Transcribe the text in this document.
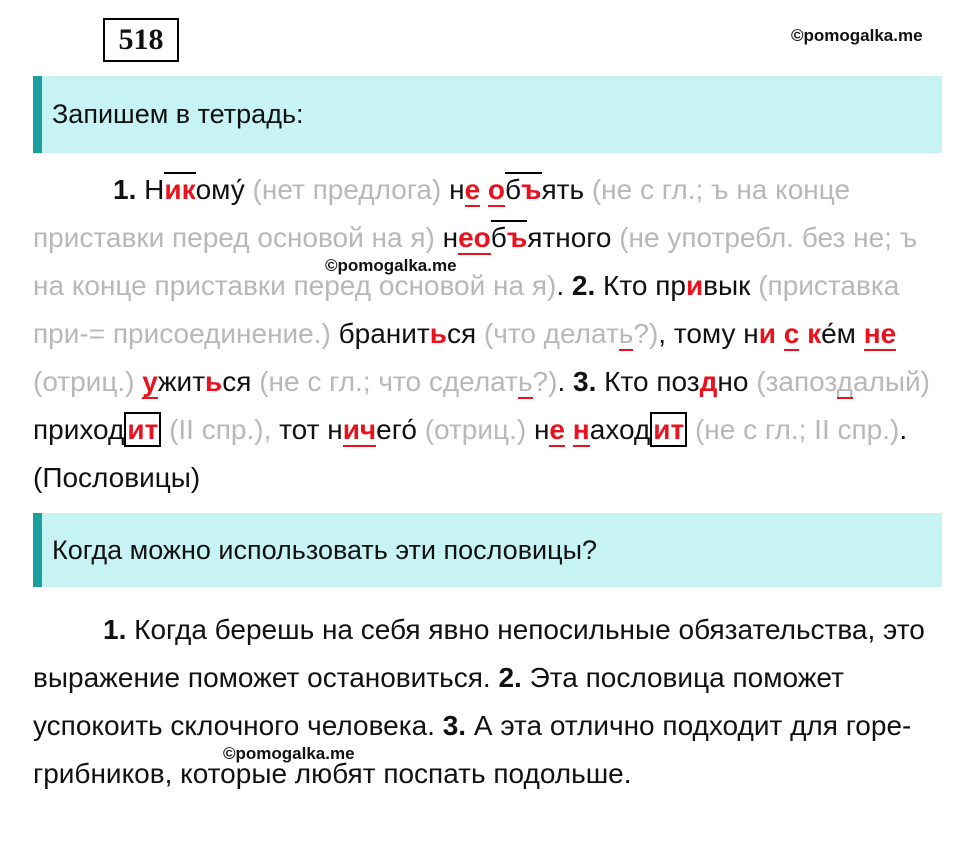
518	©pomogalka.me
Запишем в тетрадь:

1. Никому́ (нет предлога) не объять (не с гл.; ъ на конце приставки перед основой на я) необъятного (не употребл. без не; ъ на конце приставки перед основой на я). 2. Кто привык (приставка при-= присоединение.) браниться (что делать?), тому ни с ке́м не (отриц.) ужиться (не с гл.; что сделать?). 3. Кто поздно (запоздалый) приход ит (II спр.), тот ничего́ (отриц.) не наход ит (не с гл.; II спр.). (Пословицы)

©pomogalka.me
Когда можно использовать эти пословицы?

1. Когда берешь на себя явно непосильные обязательства, это выражение поможет остановиться. 2. Эта пословица поможет успокоить склочного человека. 3. А эта отлично подходит для горе-грибников, которые любят поспать подольше.

©pomogalka.me
